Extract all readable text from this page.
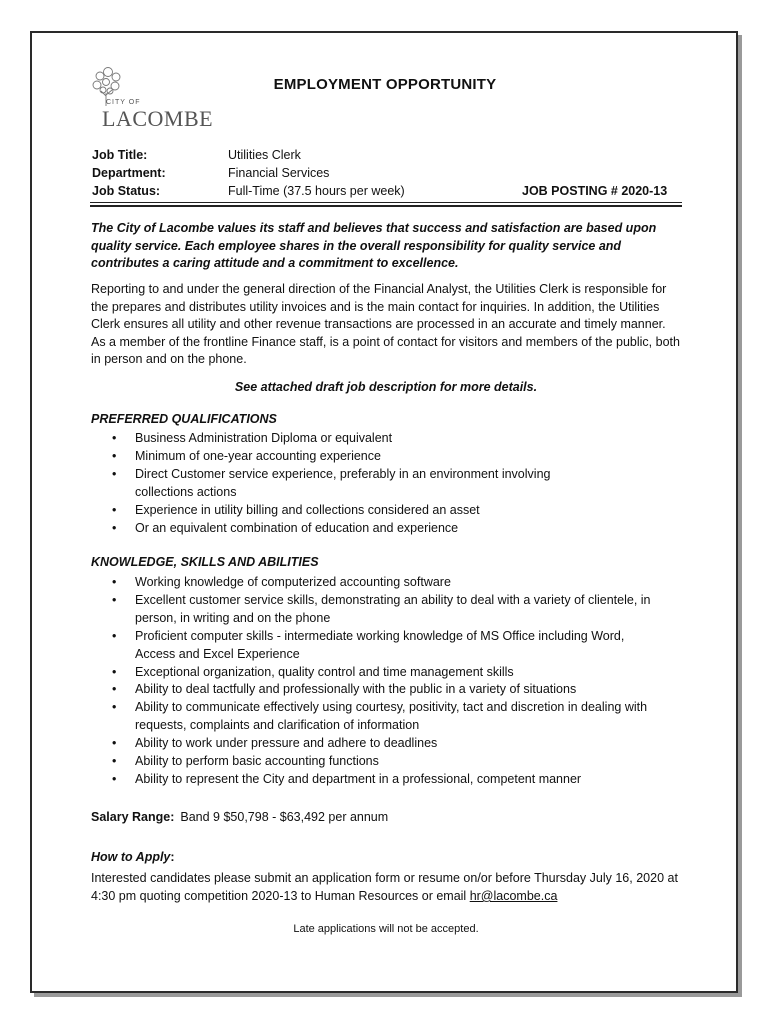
CITY OF
LACOMBE
EMPLOYMENT OPPORTUNITY
Job Title:	Utilities Clerk
Department:	Financial Services
Job Status:	Full-Time (37.5 hours per week)	JOB POSTING # 2020-13
The City of Lacombe values its staff and believes that success and satisfaction are based upon quality service. Each employee shares in the overall responsibility for quality service and contributes a caring attitude and a commitment to excellence.
Reporting to and under the general direction of the Financial Analyst, the Utilities Clerk is responsible for the prepares and distributes utility invoices and is the main contact for inquiries. In addition, the Utilities Clerk ensures all utility and other revenue transactions are processed in an accurate and timely manner. As a member of the frontline Finance staff, is a point of contact for visitors and members of the public, both in person and on the phone.
See attached draft job description for more details.
PREFERRED QUALIFICATIONS
• Business Administration Diploma or equivalent
• Minimum of one-year accounting experience
• Direct Customer service experience, preferably in an environment involving collections actions
• Experience in utility billing and collections considered an asset
• Or an equivalent combination of education and experience
KNOWLEDGE, SKILLS AND ABILITIES
• Working knowledge of computerized accounting software
• Excellent customer service skills, demonstrating an ability to deal with a variety of clientele, in person, in writing and on the phone
• Proficient computer skills - intermediate working knowledge of MS Office including Word, Access and Excel Experience
• Exceptional organization, quality control and time management skills
• Ability to deal tactfully and professionally with the public in a variety of situations
• Ability to communicate effectively using courtesy, positivity, tact and discretion in dealing with requests, complaints and clarification of information
• Ability to work under pressure and adhere to deadlines
• Ability to perform basic accounting functions
• Ability to represent the City and department in a professional, competent manner
Salary Range: Band 9 $50,798 - $63,492 per annum
How to Apply:
Interested candidates please submit an application form or resume on/or before Thursday July 16, 2020 at 4:30 pm quoting competition 2020-13 to Human Resources or email hr@lacombe.ca
Late applications will not be accepted.
